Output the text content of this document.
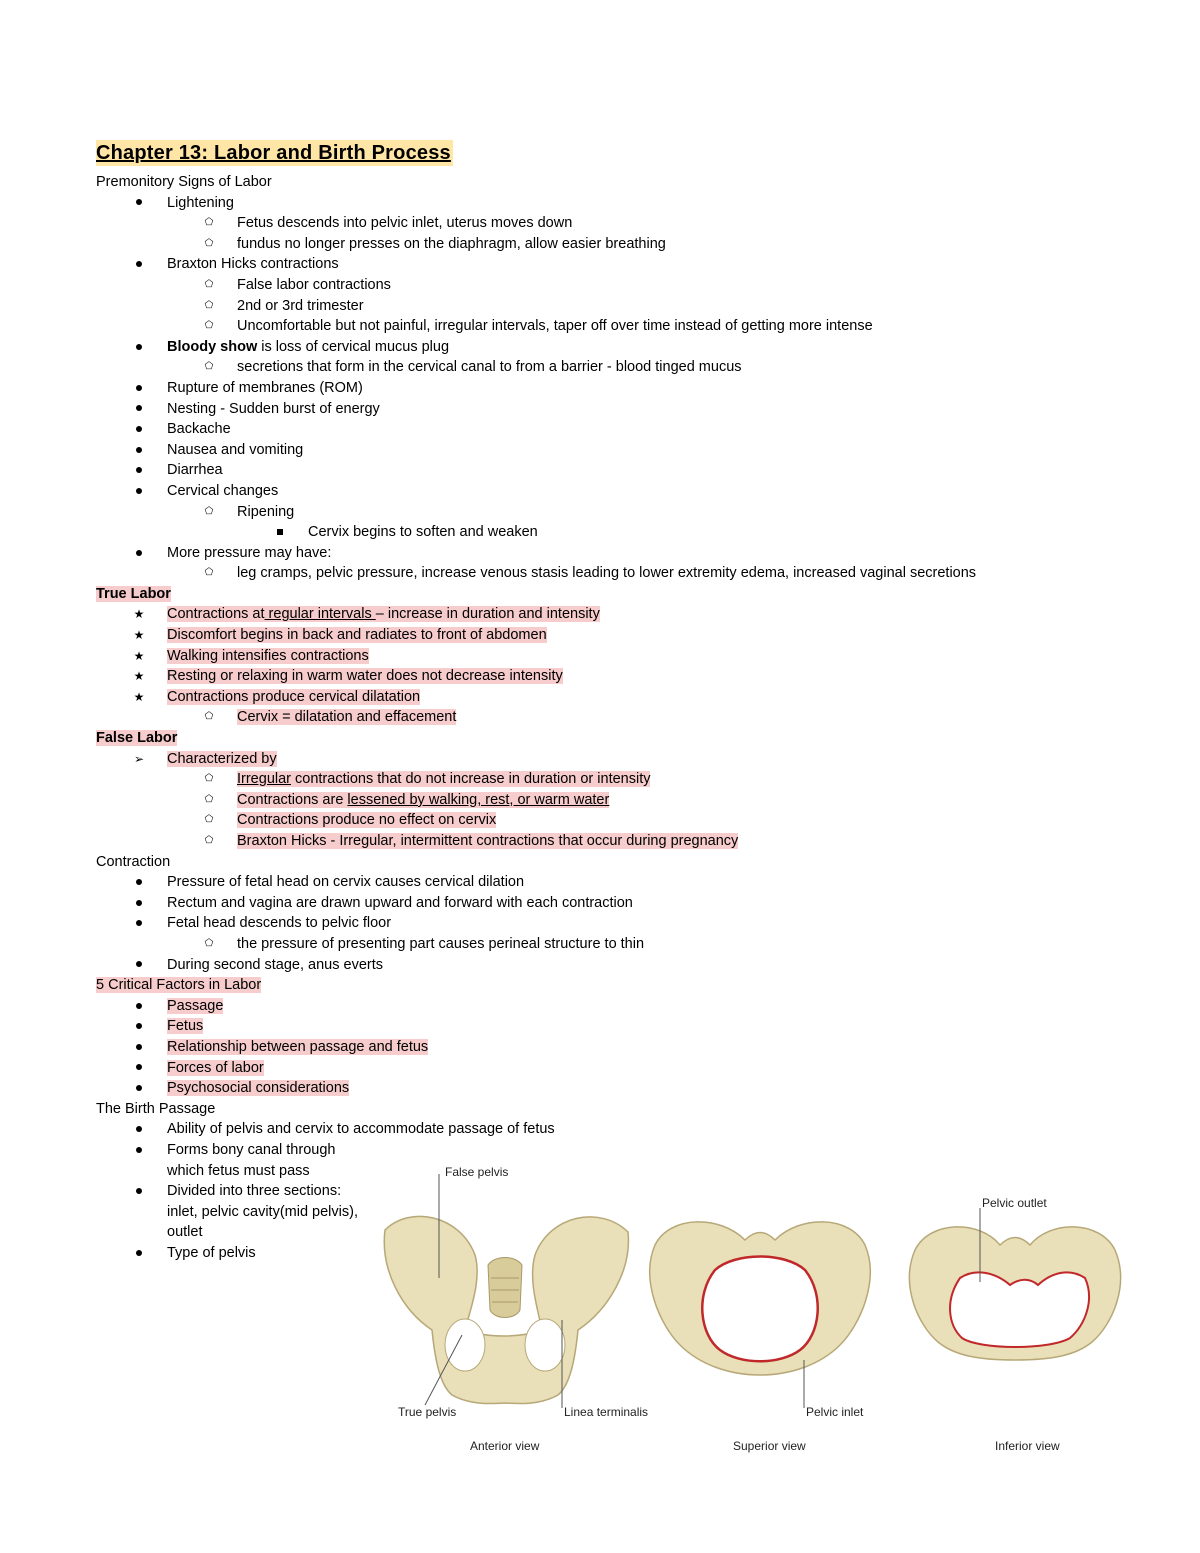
Chapter 13: Labor and Birth Process
Premonitory Signs of Labor
Lightening
⬠ Fetus descends into pelvic inlet, uterus moves down
⬠ fundus no longer presses on the diaphragm, allow easier breathing
Braxton Hicks contractions
⬠ False labor contractions
⬠ 2nd or 3rd trimester
⬠ Uncomfortable but not painful, irregular intervals, taper off over time instead of getting more intense
Bloody show is loss of cervical mucus plug
⬠ secretions that form in the cervical canal to from a barrier - blood tinged mucus
Rupture of membranes (ROM)
Nesting - Sudden burst of energy
Backache
Nausea and vomiting
Diarrhea
Cervical changes
⬠ Ripening
Cervix begins to soften and weaken
More pressure may have:
⬠ leg cramps, pelvic pressure, increase venous stasis leading to lower extremity edema, increased vaginal secretions
True Labor
★ Contractions at regular intervals – increase in duration and intensity
★ Discomfort begins in back and radiates to front of abdomen
★ Walking intensifies contractions
★ Resting or relaxing in warm water does not decrease intensity
★ Contractions produce cervical dilatation
⬠ Cervix = dilatation and effacement
False Labor
➢ Characterized by
⬠ Irregular contractions that do not increase in duration or intensity
⬠ Contractions are lessened by walking, rest, or warm water
⬠ Contractions produce no effect on cervix
⬠ Braxton Hicks - Irregular, intermittent contractions that occur during pregnancy
Contraction
Pressure of fetal head on cervix causes cervical dilation
Rectum and vagina are drawn upward and forward with each contraction
Fetal head descends to pelvic floor
⬠ the pressure of presenting part causes perineal structure to thin
During second stage, anus everts
5 Critical Factors in Labor
Passage
Fetus
Relationship between passage and fetus
Forces of labor
Psychosocial considerations
The Birth Passage
Ability of pelvis and cervix to accommodate passage of fetus
Forms bony canal through which fetus must pass
Divided into three sections: inlet, pelvic cavity(mid pelvis), outlet
Type of pelvis
False pelvis
True pelvis	Linea terminalis	Pelvic inlet
Pelvic outlet
Anterior view	Superior view	Inferior view
